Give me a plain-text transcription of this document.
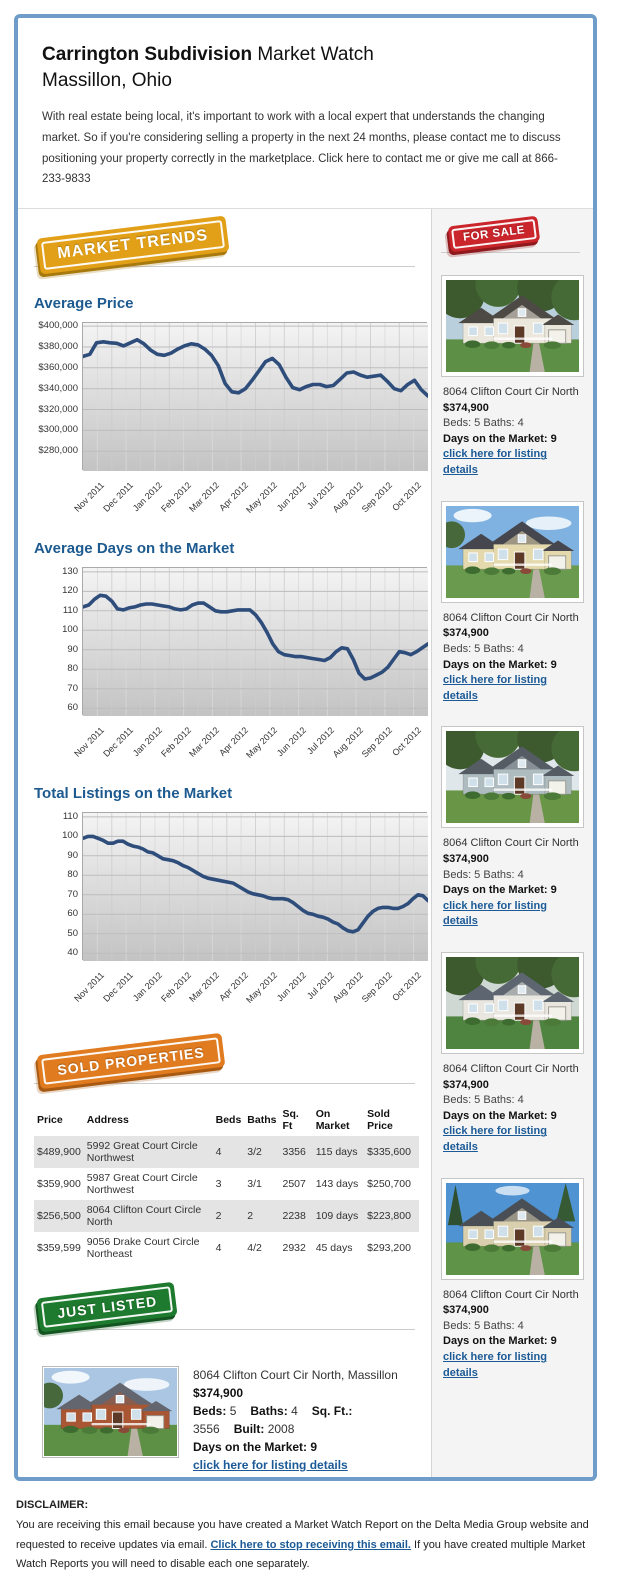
Carrington Subdivision Market Watch
Massillon, Ohio
With real estate being local, it's important to work with a local expert that understands the changing market. So if you're considering selling a property in the next 24 months, please contact me to discuss positioning your property correctly in the marketplace. Click here to contact me or give me call at 866-233-9833
MARKET TRENDS
Average Price
$400,000
$380,000
$360,000
$340,000
$320,000
$300,000
$280,000
Nov 2011
Dec 2011
Jan 2012
Feb 2012
Mar 2012
Apr 2012
May 2012
Jun 2012
Jul 2012
Aug 2012
Sep 2012
Oct 2012
Average Days on the Market
130
120
110
100
90
80
70
60
Nov 2011
Dec 2011
Jan 2012
Feb 2012
Mar 2012
Apr 2012
May 2012
Jun 2012
Jul 2012
Aug 2012
Sep 2012
Oct 2012
Total Listings on the Market
110
100
90
80
70
60
50
40
Nov 2011
Dec 2011
Jan 2012
Feb 2012
Mar 2012
Apr 2012
May 2012
Jun 2012
Jul 2012
Aug 2012
Sep 2012
Oct 2012
SOLD PROPERTIES
Price	Address	Beds	Baths	Sq. Ft	On Market	Sold Price
$489,900	5992 Great Court Circle Northwest	4	3/2	3356	115 days	$335,600
$359,900	5987 Great Court Circle Northwest	3	3/1	2507	143 days	$250,700
$256,500	8064 Clifton Court Circle North	2	2	2238	109 days	$223,800
$359,599	9056 Drake Court Circle Northeast	4	4/2	2932	45 days	$293,200
JUST LISTED
8064 Clifton Court Cir North, Massillon
$374,900
Beds: 5 Baths: 4 Sq. Ft.: 3556 Built: 2008
Days on the Market: 9
click here for listing details
FOR SALE
8064 Clifton Court Cir North
$374,900
Beds: 5 Baths: 4
Days on the Market: 9
click here for listing details
8064 Clifton Court Cir North
$374,900
Beds: 5 Baths: 4
Days on the Market: 9
click here for listing details
8064 Clifton Court Cir North
$374,900
Beds: 5 Baths: 4
Days on the Market: 9
click here for listing details
8064 Clifton Court Cir North
$374,900
Beds: 5 Baths: 4
Days on the Market: 9
click here for listing details
8064 Clifton Court Cir North
$374,900
Beds: 5 Baths: 4
Days on the Market: 9
click here for listing details
DISCLAIMER:
You are receiving this email because you have created a Market Watch Report on the Delta Media Group website and requested to receive updates via email. Click here to stop receiving this email. If you have created multiple Market Watch Reports you will need to disable each one separately.
